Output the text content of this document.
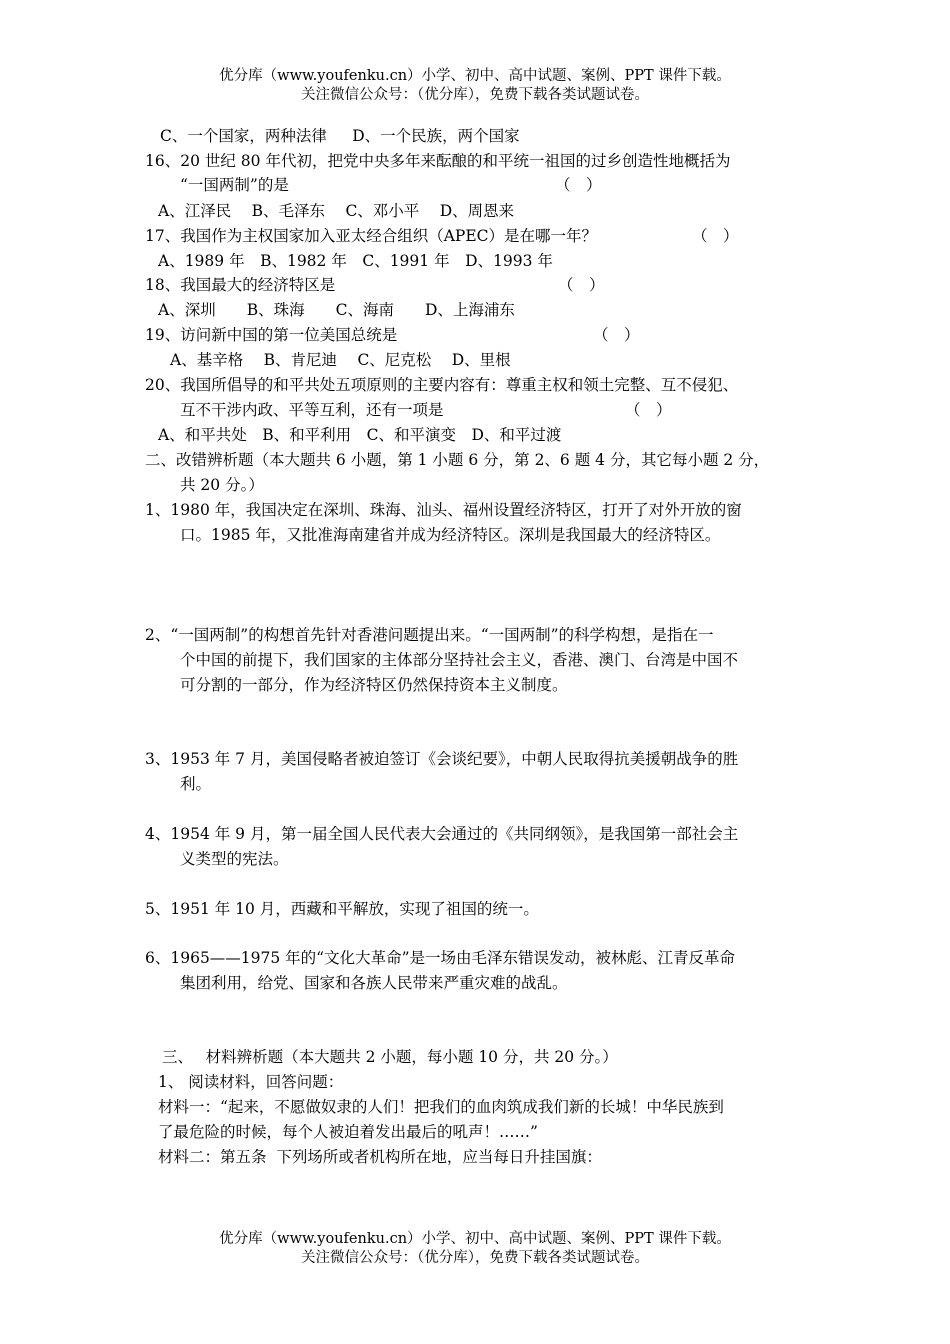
优分库（www.youfenku.cn）小学、初中、高中试题、案例、PPT 课件下载。
关注微信公众号：（优分库），免费下载各类试题试卷。
C、一个国家，两种法律　  D、一个民族，两个国家
16、20 世纪 80 年代初，把党中央多年来酝酿的和平统一祖国的过乡创造性地概括为
“一国两制”的是	（　）
A、江泽民　 B、毛泽东　 C、邓小平　 D、周恩来
17、我国作为主权国家加入亚太经合组织（APEC）是在哪一年？	（　）
A、1989 年　B、1982 年　C、1991 年　D、1993 年
18、我国最大的经济特区是	（　）
A、深圳　　B、珠海　　C、海南　　D、上海浦东
19、访问新中国的第一位美国总统是	（　）
A、基辛格　 B、肯尼迪　 C、尼克松　 D、里根
20、我国所倡导的和平共处五项原则的主要内容有：尊重主权和领土完整、互不侵犯、
互不干涉内政、平等互利，还有一项是	（　）
A、和平共处　B、和平利用　C、和平演变　D、和平过渡
二、改错辨析题（本大题共 6 小题，第 1 小题 6 分，第 2、6 题 4 分，其它每小题 2 分，
共 20 分。）
1、1980 年，我国决定在深圳、珠海、汕头、福州设置经济特区，打开了对外开放的窗
口。1985 年，又批准海南建省并成为经济特区。深圳是我国最大的经济特区。
2、“一国两制”的构想首先针对香港问题提出来。“一国两制”的科学构想，是指在一
个中国的前提下，我们国家的主体部分坚持社会主义，香港、澳门、台湾是中国不
可分割的一部分，作为经济特区仍然保持资本主义制度。
3、1953 年 7 月，美国侵略者被迫签订《会谈纪要》，中朝人民取得抗美援朝战争的胜
利。
4、1954 年 9 月，第一届全国人民代表大会通过的《共同纲领》，是我国第一部社会主
义类型的宪法。
5、1951 年 10 月，西藏和平解放，实现了祖国的统一。
6、1965——1975 年的“文化大革命”是一场由毛泽东错误发动，被林彪、江青反革命
集团利用，给党、国家和各族人民带来严重灾难的战乱。
三、　 材料辨析题（本大题共 2 小题，每小题 10 分，共 20 分。）
1、 阅读材料，回答问题：
材料一：“起来，不愿做奴隶的人们！把我们的血肉筑成我们新的长城！中华民族到
了最危险的时候，每个人被迫着发出最后的吼声！……”
材料二：第五条  下列场所或者机构所在地，应当每日升挂国旗：
优分库（www.youfenku.cn）小学、初中、高中试题、案例、PPT 课件下载。
关注微信公众号：（优分库），免费下载各类试题试卷。
